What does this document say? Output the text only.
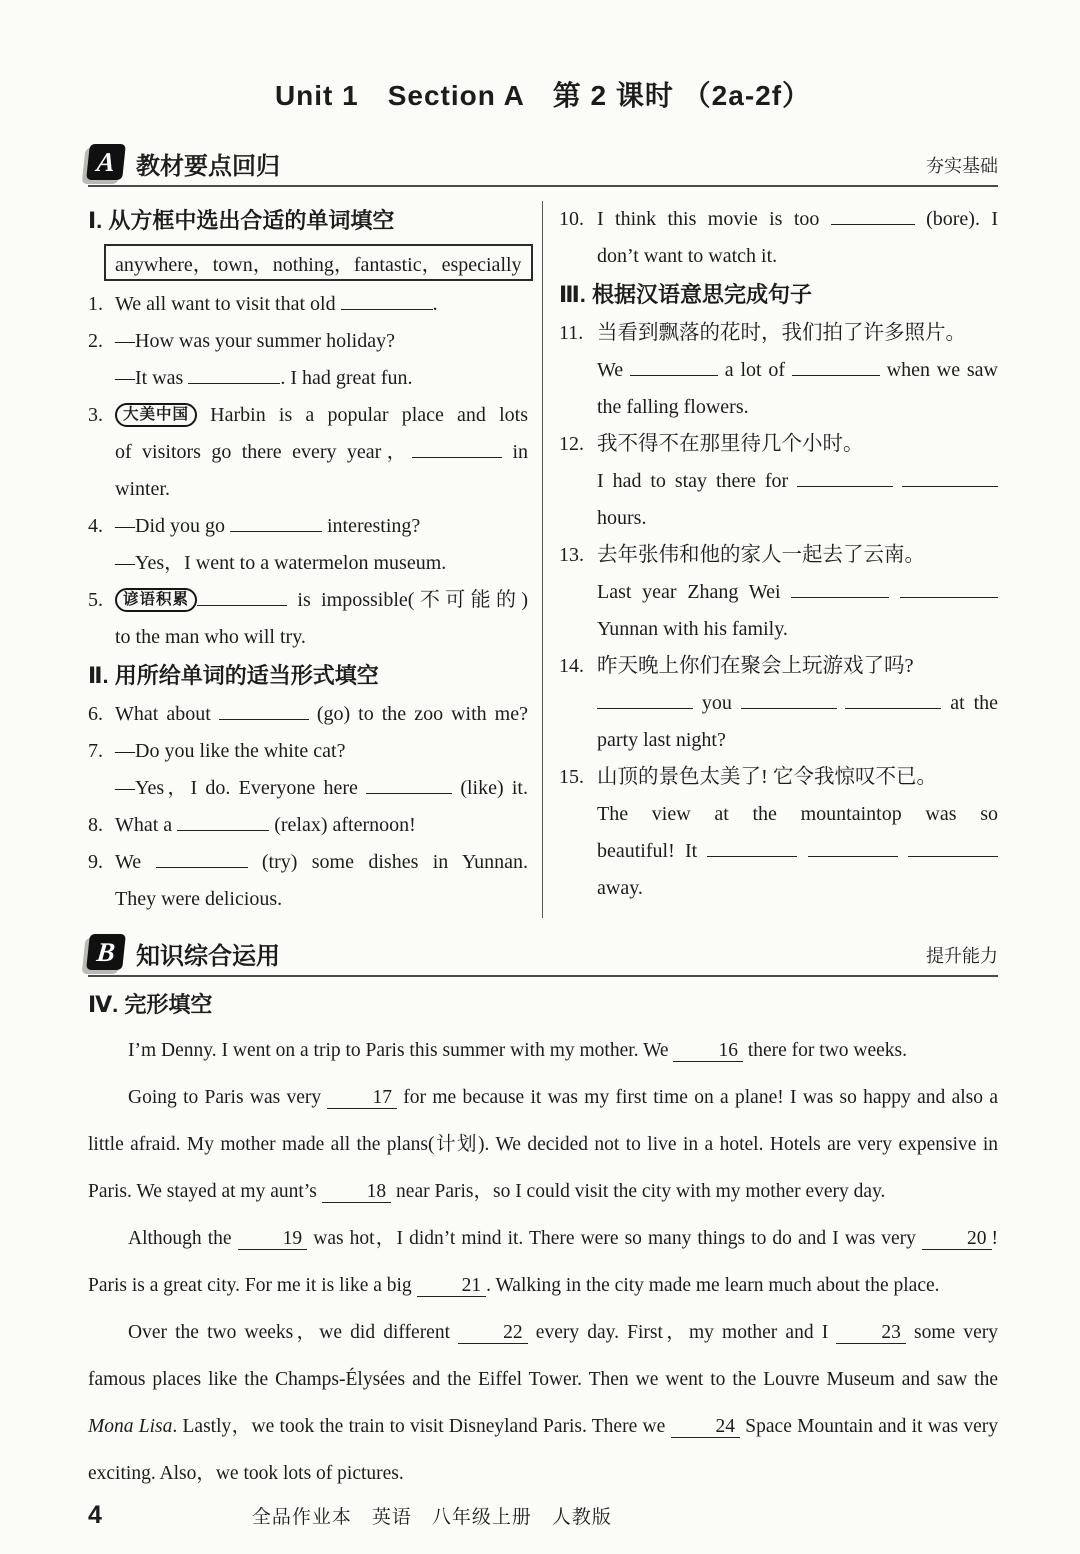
Unit 1　Section A　第 2 课时 （2a-2f）
A 教材要点回归	夯实基础
Ⅰ. 从方框中选出合适的单词填空
anywhere，town，nothing，fantastic，especially
1. We all want to visit that old	.
2. —How was your summer holiday?
—It was	. I had great fun.
3.	大美中国 Harbin is a popular place and lots
of visitors go there every year，	in
winter.
4. —Did you go	interesting?
—Yes，I went to a watermelon museum.
5.	谚语积累	is impossible(不可能的)
to the man who will try.
Ⅱ. 用所给单词的适当形式填空
6. What about	(go) to the zoo with me?
7. —Do you like the white cat?
—Yes，I do. Everyone here	(like) it.
8. What a	(relax) afternoon!
9. We	(try) some dishes in Yunnan.
They were delicious.
10. I think this movie is too	(bore). I
don’t want to watch it.
Ⅲ. 根据汉语意思完成句子
11. 当看到飘落的花时，我们拍了许多照片。
We	a lot of	when we saw
the falling flowers.
12. 我不得不在那里待几个小时。
I had to stay there for
hours.
13. 去年张伟和他的家人一起去了云南。
Last year Zhang Wei
Yunnan with his family.
14. 昨天晚上你们在聚会上玩游戏了吗?
you	at the
party last night?
15. 山顶的景色太美了! 它令我惊叹不已。
The view at the mountaintop was so
beautiful! It
away.
B 知识综合运用	提升能力
Ⅳ. 完形填空

I’m Denny. I went on a trip to Paris this summer with my mother. We 16 there for two weeks.

Going to Paris was very 17 for me because it was my first time on a plane! I was so happy and also a little afraid. My mother made all the plans(计划). We decided not to live in a hotel. Hotels are very expensive in Paris. We stayed at my aunt’s 18 near Paris，so I could visit the city with my mother every day.

Although the 19 was hot，I didn’t mind it. There were so many things to do and I was very 20 ! Paris is a great city. For me it is like a big 21 . Walking in the city made me learn much about the place.

Over the two weeks，we did different 22 every day. First，my mother and I 23 some very famous places like the Champs-Élysées and the Eiffel Tower. Then we went to the Louvre Museum and saw the Mona Lisa. Lastly，we took the train to visit Disneyland Paris. There we 24 Space Mountain and it was very exciting. Also，we took lots of pictures.

4	全品作业本　英语　八年级上册　人教版
